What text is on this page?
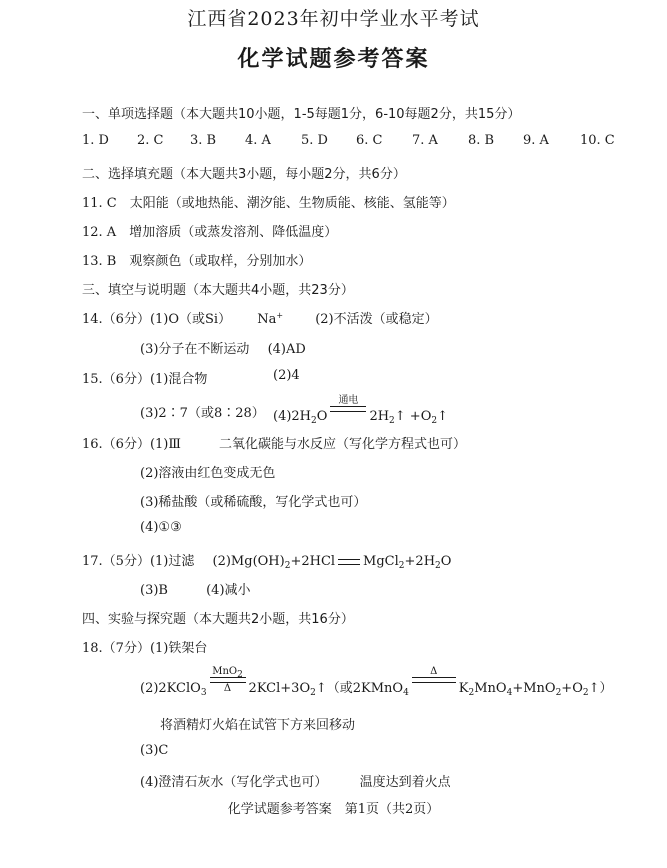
江西省2023年初中学业水平考试
化学试题参考答案
一、单项选择题（本大题共10小题，1-5每题1分，6-10每题2分，共15分）
1. D 2. C 3. B 4. A 5. D 6. C 7. A 8. B 9. A 10. C
二、选择填充题（本大题共3小题，每小题2分，共6分）
11. C　太阳能（或地热能、潮汐能、生物质能、核能、氢能等）
12. A　增加溶质（或蒸发溶剂、降低温度）
13. B　观察颜色（或取样，分别加水）
三、填空与说明题（本大题共4小题，共23分）
14.（6分）(1)O（或Si） Na+ (2)不活泼（或稳定）
(3)分子在不断运动 (4)AD
15.（6分）(1)混合物	(2)4
(3)2∶7（或8∶28） $(4)2H_2O$
通电

$2H_2↑$ $+O_2↑$
16.（6分）(1)Ⅲ	二氧化碳能与水反应（写化学方程式也可）
(2)溶液由红色变成无色
(3)稀盐酸（或稀硫酸，写化学式也可）
(4)①③
17.（5分）(1)过滤 $(2)Mg(OH)_2+2HCl$ $MgCl_2+2H_2O$
(3)B	(4)减小
四、实验与探究题（本大题共2小题，共16分）
18.（7分）(1)铁架台
(2)2KClO$_3$
MnO$_2$
Δ	$2KCl+3O_2↑$（或2KMnO$_4$
Δ

$K_2MnO_4+MnO_2+O_2↑$）
将酒精灯火焰在试管下方来回移动
(3)C
(4)澄清石灰水（写化学式也可） 温度达到着火点
化学试题参考答案　第1页（共2页）
